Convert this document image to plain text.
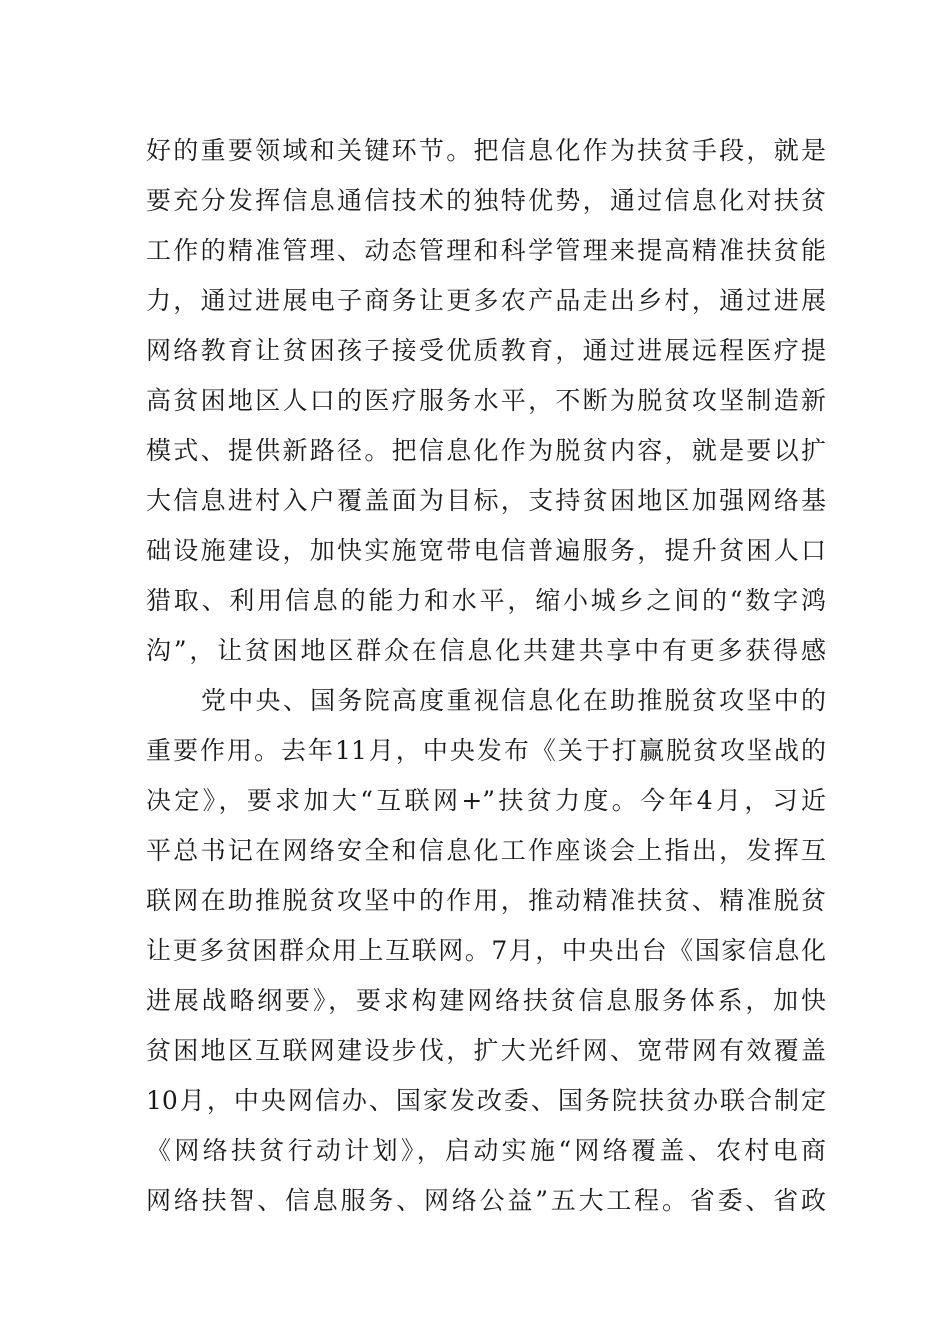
好的重要领域和关键环节。把信息化作为扶贫手段，就是
要充分发挥信息通信技术的独特优势，通过信息化对扶贫
工作的精准管理、动态管理和科学管理来提高精准扶贫能
力，通过进展电子商务让更多农产品走出乡村，通过进展
网络教育让贫困孩子接受优质教育，通过进展远程医疗提
高贫困地区人口的医疗服务水平，不断为脱贫攻坚制造新
模式、提供新路径。把信息化作为脱贫内容，就是要以扩
大信息进村入户覆盖面为目标，支持贫困地区加强网络基
础设施建设，加快实施宽带电信普遍服务，提升贫困人口
猎取、利用信息的能力和水平，缩小城乡之间的“数字鸿
沟”，让贫困地区群众在信息化共建共享中有更多获得感
党中央、国务院高度重视信息化在助推脱贫攻坚中的
重要作用。去年11月，中央发布《关于打赢脱贫攻坚战的
决定》，要求加大“互联网+”扶贫力度。今年4月，习近
平总书记在网络安全和信息化工作座谈会上指出，发挥互
联网在助推脱贫攻坚中的作用，推动精准扶贫、精准脱贫
让更多贫困群众用上互联网。7月，中央出台《国家信息化
进展战略纲要》，要求构建网络扶贫信息服务体系，加快
贫困地区互联网建设步伐，扩大光纤网、宽带网有效覆盖
10月，中央网信办、国家发改委、国务院扶贫办联合制定
《网络扶贫行动计划》，启动实施“网络覆盖、农村电商
网络扶智、信息服务、网络公益”五大工程。省委、省政
